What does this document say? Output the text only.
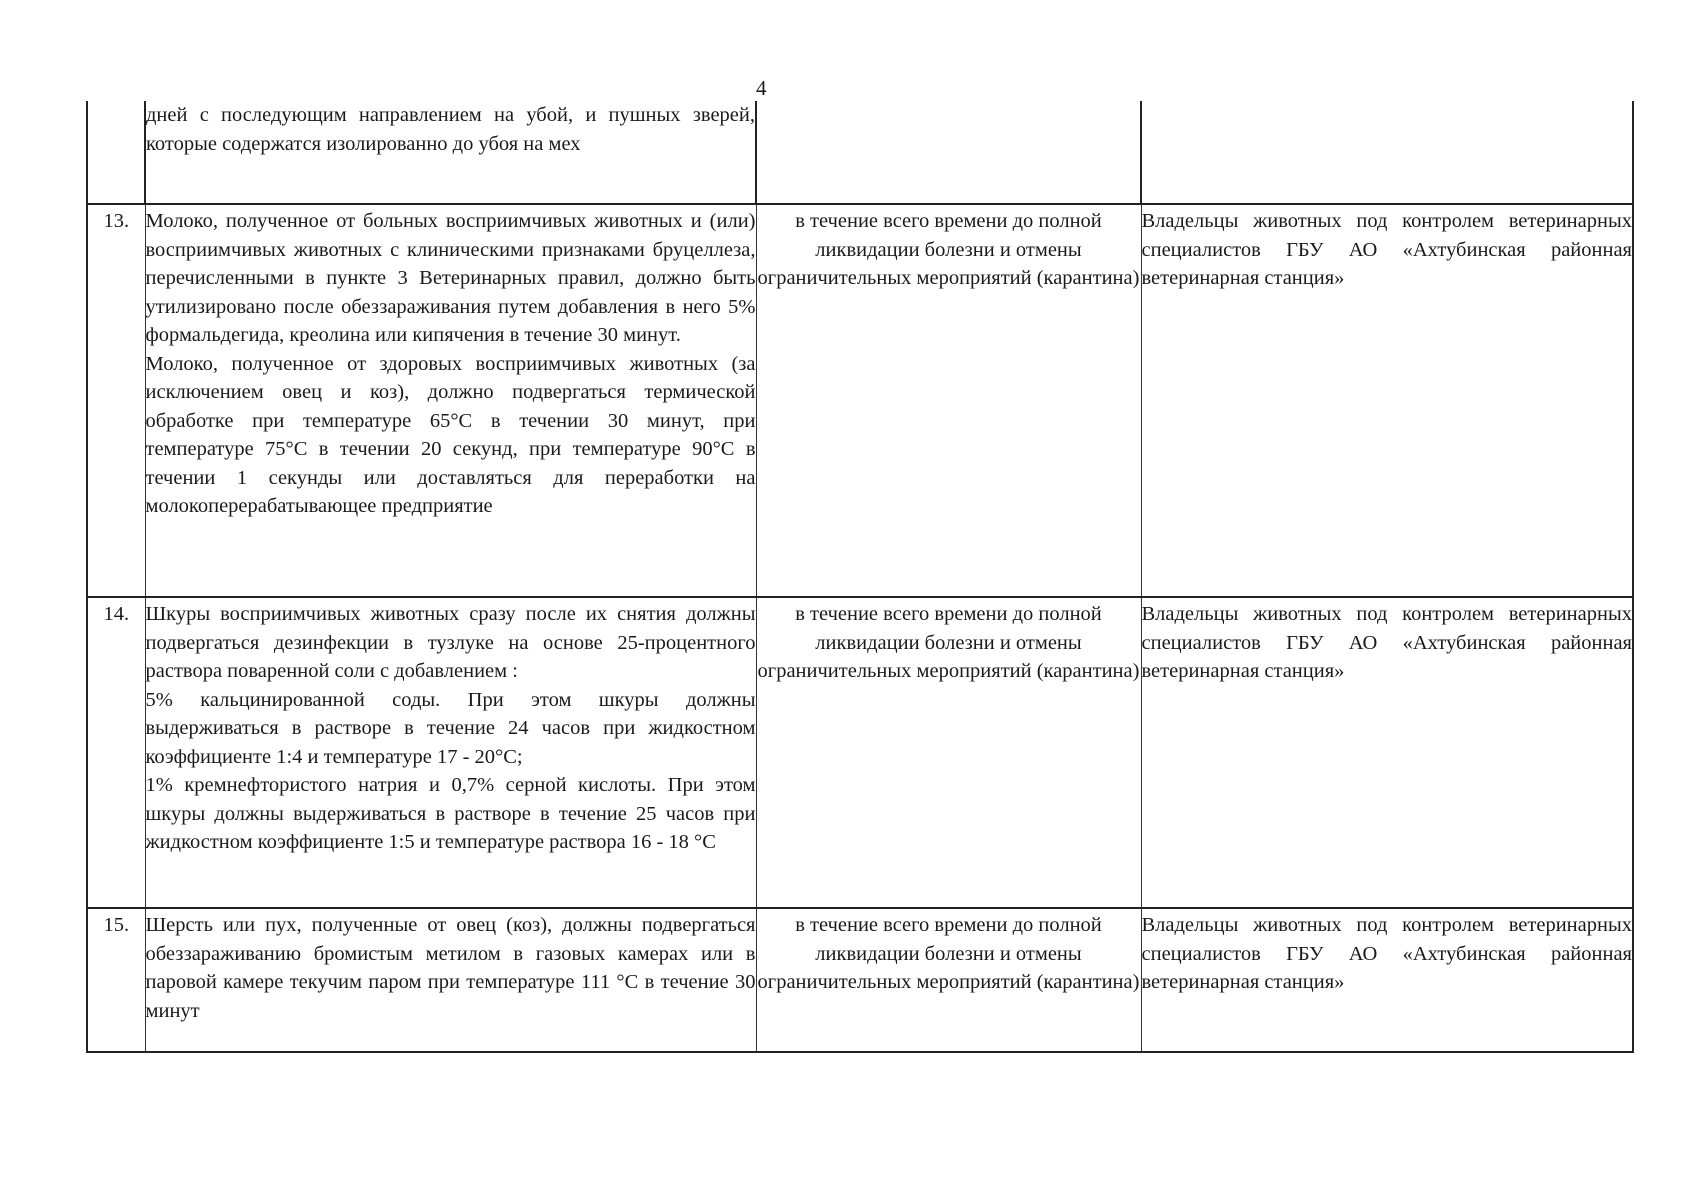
4

	дней с последующим направлением на убой, и пушных зверей, которые содержатся изолированно до убоя на мех		

13.	Молоко, полученное от больных восприимчивых животных и (или) восприимчивых животных с клиническими признаками бруцеллеза, перечисленными в пункте 3 Ветеринарных правил, должно быть утилизировано после обеззараживания путем добавления в него 5% формальдегида, креолина или кипячения в течение 30 минут.
Молоко, полученное от здоровых восприимчивых животных (за исключением овец и коз), должно подвергаться термической обработке при температуре 65°С в течении 30 минут, при температуре 75°С в течении 20 секунд, при температуре 90°С в течении 1 секунды или доставляться для переработки на молокоперерабатывающее предприятие	в течение всего времени до полной ликвидации болезни и отмены ограничительных мероприятий (карантина)	Владельцы животных под контролем ветеринарных специалистов ГБУ АО «Ахтубинская районная ветеринарная станция»

14.	Шкуры восприимчивых животных сразу после их снятия должны подвергаться дезинфекции в тузлуке на основе 25-процентного раствора поваренной соли с добавлением :
5% кальцинированной соды. При этом шкуры должны выдерживаться в растворе в течение 24 часов при жидкостном коэффициенте 1:4 и температуре 17 - 20°С;
1% кремнефтористого натрия и 0,7% серной кислоты. При этом шкуры должны выдерживаться в растворе в течение 25 часов при жидкостном коэффициенте 1:5 и температуре раствора 16 - 18 °С	в течение всего времени до полной ликвидации болезни и отмены ограничительных мероприятий (карантина)	Владельцы животных под контролем ветеринарных специалистов ГБУ АО «Ахтубинская районная ветеринарная станция»

15.	Шерсть или пух, полученные от овец (коз), должны подвергаться обеззараживанию бромистым метилом в газовых камерах или в паровой камере текучим паром при температуре 111 °С в течение 30 минут	в течение всего времени до полной ликвидации болезни и отмены ограничительных мероприятий (карантина)	Владельцы животных под контролем ветеринарных специалистов ГБУ АО «Ахтубинская районная ветеринарная станция»
